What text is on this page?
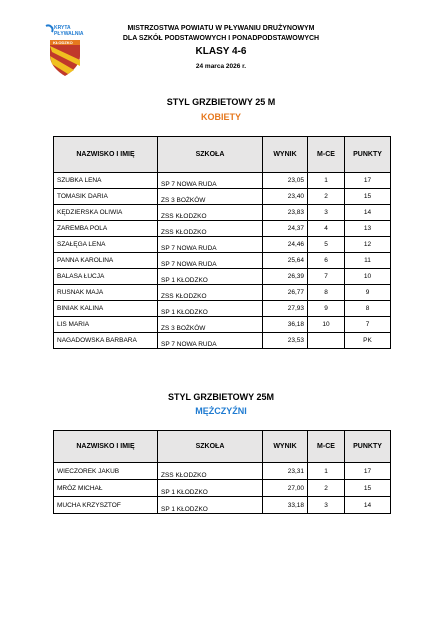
KRYTA
PŁYWALNIA
KŁODZKO
MISTRZOSTWA POWIATU W PŁYWANIU DRUŻYNOWYM
DLA SZKÓŁ PODSTAWOWYCH I PONADPODSTAWOWYCH
KLASY 4-6
24 marca 2026 r.
STYL GRZBIETOWY 25 M
KOBIETY
NAZWISKO I IMIĘ	SZKOŁA	WYNIK	M-CE	PUNKTY
SZUBKA LENA	SP 7 NOWA RUDA	23,05	1	17
TOMASIK DARIA	ZS 3 BOŻKÓW	23,40	2	15
KĘDZIERSKA OLIWIA	ZSS KŁODZKO	23,83	3	14
ZAREMBA POLA	ZSS KŁODZKO	24,37	4	13
SZAŁĘGA LENA	SP 7 NOWA RUDA	24,46	5	12
PANNA KAROLINA	SP 7 NOWA RUDA	25,64	6	11
BALASA ŁUCJA	SP 1 KŁODZKO	26,39	7	10
RUSNAK MAJA	ZSS KŁODZKO	26,77	8	9
BINIAK KALINA	SP 1 KŁODZKO	27,93	9	8
LIS MARIA	ZS 3 BOŻKÓW	36,18	10	7
NAGADOWSKA BARBARA	SP 7 NOWA RUDA	23,53		PK
STYL GRZBIETOWY 25M
MĘŻCZYŹNI
NAZWISKO I IMIĘ	SZKOŁA	WYNIK	M-CE	PUNKTY
WIECZOREK JAKUB	ZSS KŁODZKO	23,31	1	17
MRÓZ MICHAŁ	SP 1 KŁODZKO	27,00	2	15
MUCHA KRZYSZTOF	SP 1 KŁODZKO	33,18	3	14
